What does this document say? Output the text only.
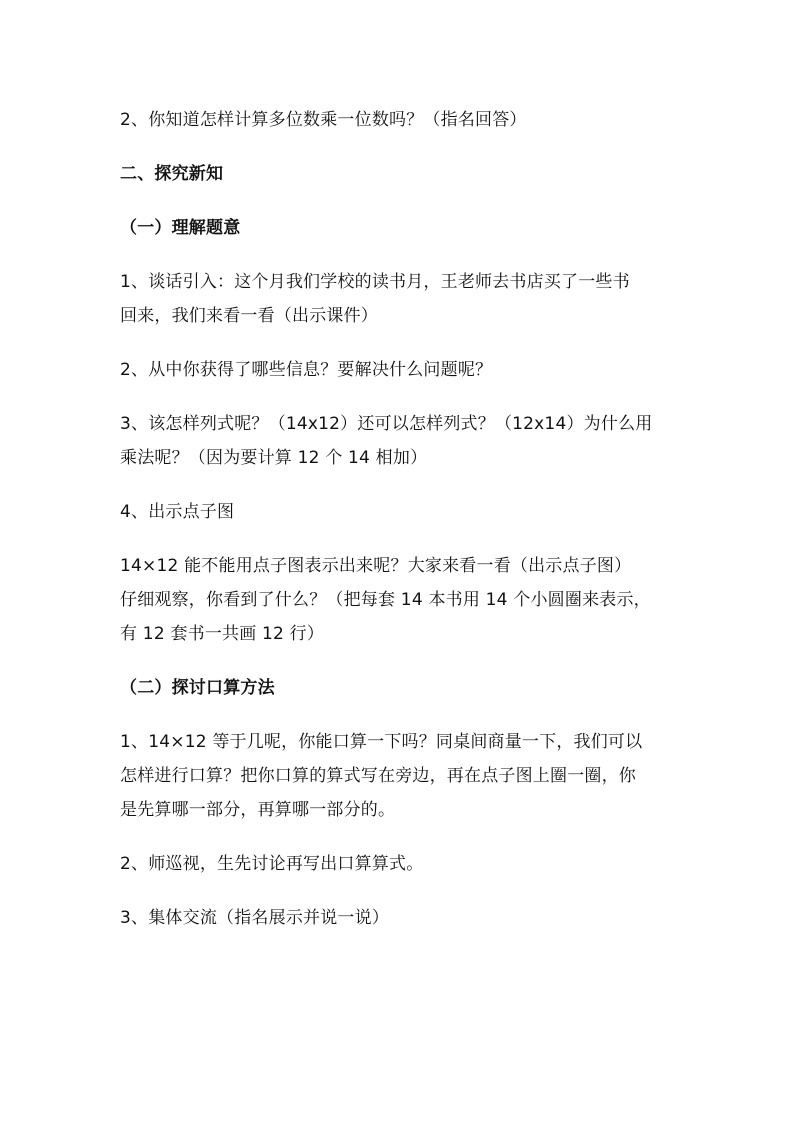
2、你知道怎样计算多位数乘一位数吗？（指名回答）

二、探究新知

（一）理解题意

1、谈话引入：这个月我们学校的读书月，王老师去书店买了一些书
回来，我们来看一看（出示课件）

2、从中你获得了哪些信息？要解决什么问题呢？

3、该怎样列式呢？（14x12）还可以怎样列式？（12x14）为什么用
乘法呢？（因为要计算 12 个 14 相加）

4、出示点子图

14×12 能不能用点子图表示出来呢？大家来看一看（出示点子图）
仔细观察，你看到了什么？（把每套 14 本书用 14 个小圆圈来表示，
有 12 套书一共画 12 行）

（二）探讨口算方法

1、14×12 等于几呢，你能口算一下吗？同桌间商量一下，我们可以
怎样进行口算？把你口算的算式写在旁边，再在点子图上圈一圈，你
是先算哪一部分，再算哪一部分的。

2、师巡视，生先讨论再写出口算算式。

3、集体交流（指名展示并说一说）
